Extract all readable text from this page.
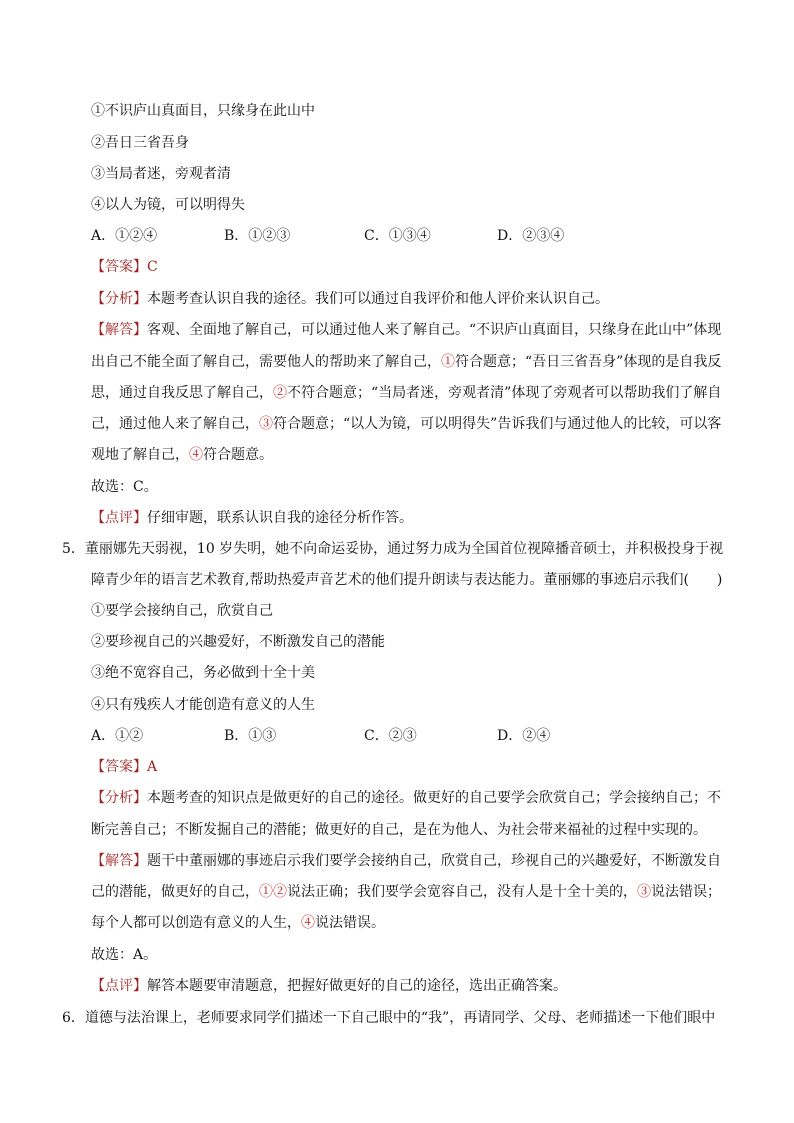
①不识庐山真面目，只缘身在此山中
②吾日三省吾身
③当局者迷，旁观者清
④以人为镜，可以明得失
A．①②④	B．①②③	C．①③④	D．②③④
【答案】C
【分析】本题考查认识自我的途径。我们可以通过自我评价和他人评价来认识自己。
【解答】客观、全面地了解自己，可以通过他人来了解自己。“不识庐山真面目，只缘身在此山中”体现
出自己不能全面了解自己，需要他人的帮助来了解自己，①符合题意；“吾日三省吾身”体现的是自我反
思，通过自我反思了解自己，②不符合题意；“当局者迷，旁观者清”体现了旁观者可以帮助我们了解自
己，通过他人来了解自己，③符合题意；“以人为镜，可以明得失”告诉我们与通过他人的比较，可以客
观地了解自己，④符合题意。
故选：C。
【点评】仔细审题，联系认识自我的途径分析作答。
5．董丽娜先天弱视，10 岁失明，她不向命运妥协，通过努力成为全国首位视障播音硕士，并积极投身于视
障青少年的语言艺术教育,帮助热爱声音艺术的他们提升朗读与表达能力。董丽娜的事迹启示我们(　　)
①要学会接纳自己，欣赏自己
②要珍视自己的兴趣爱好，不断激发自己的潜能
③绝不宽容自己，务必做到十全十美
④只有残疾人才能创造有意义的人生
A．①②	B．①③	C．②③	D．②④
【答案】A
【分析】本题考查的知识点是做更好的自己的途径。做更好的自己要学会欣赏自己；学会接纳自己；不
断完善自己；不断发掘自己的潜能；做更好的自己，是在为他人、为社会带来福祉的过程中实现的。
【解答】题干中董丽娜的事迹启示我们要学会接纳自己，欣赏自己，珍视自己的兴趣爱好，不断激发自
己的潜能，做更好的自己，①②说法正确；我们要学会宽容自己，没有人是十全十美的，③说法错误；
每个人都可以创造有意义的人生，④说法错误。
故选：A。
【点评】解答本题要审清题意，把握好做更好的自己的途径，选出正确答案。
6．道德与法治课上，老师要求同学们描述一下自己眼中的“我”，再请同学、父母、老师描述一下他们眼中
